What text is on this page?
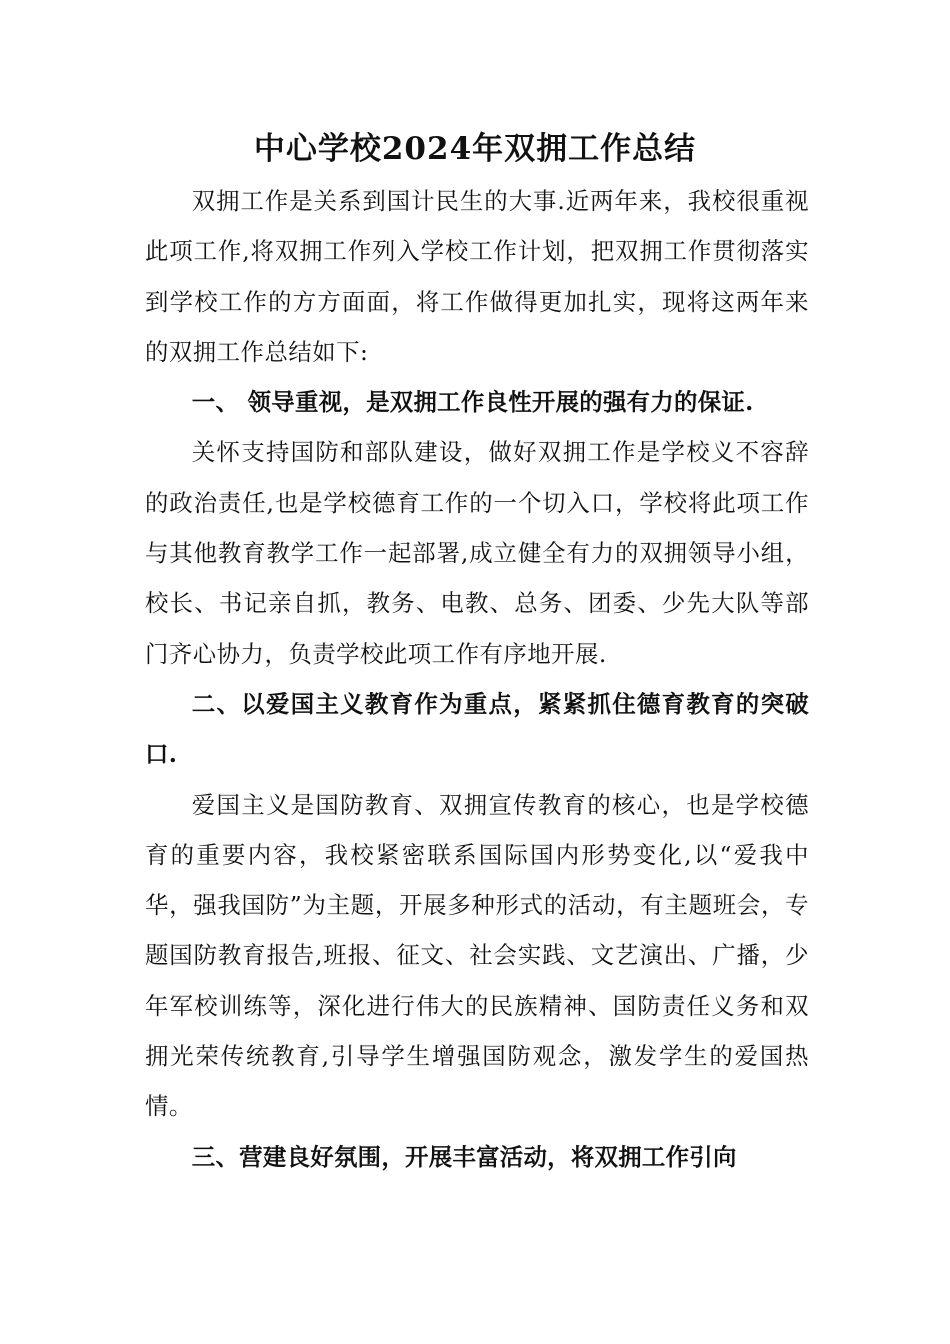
中心学校2024年双拥工作总结

双拥工作是关系到国计民生的大事.近两年来，我校很重视此项工作,将双拥工作列入学校工作计划，把双拥工作贯彻落实到学校工作的方方面面，将工作做得更加扎实，现将这两年来的双拥工作总结如下:

一、 领导重视，是双拥工作良性开展的强有力的保证.

关怀支持国防和部队建设，做好双拥工作是学校义不容辞的政治责任,也是学校德育工作的一个切入口，学校将此项工作与其他教育教学工作一起部署,成立健全有力的双拥领导小组，校长、书记亲自抓，教务、电教、总务、团委、少先大队等部门齐心协力，负责学校此项工作有序地开展.

二、以爱国主义教育作为重点，紧紧抓住德育教育的突破口.

爱国主义是国防教育、双拥宣传教育的核心，也是学校德育的重要内容，我校紧密联系国际国内形势变化,以“爱我中华，强我国防”为主题，开展多种形式的活动，有主题班会，专题国防教育报告,班报、征文、社会实践、文艺演出、广播，少年军校训练等，深化进行伟大的民族精神、国防责任义务和双拥光荣传统教育,引导学生增强国防观念，激发学生的爱国热情。

三、营建良好氛围，开展丰富活动，将双拥工作引向
